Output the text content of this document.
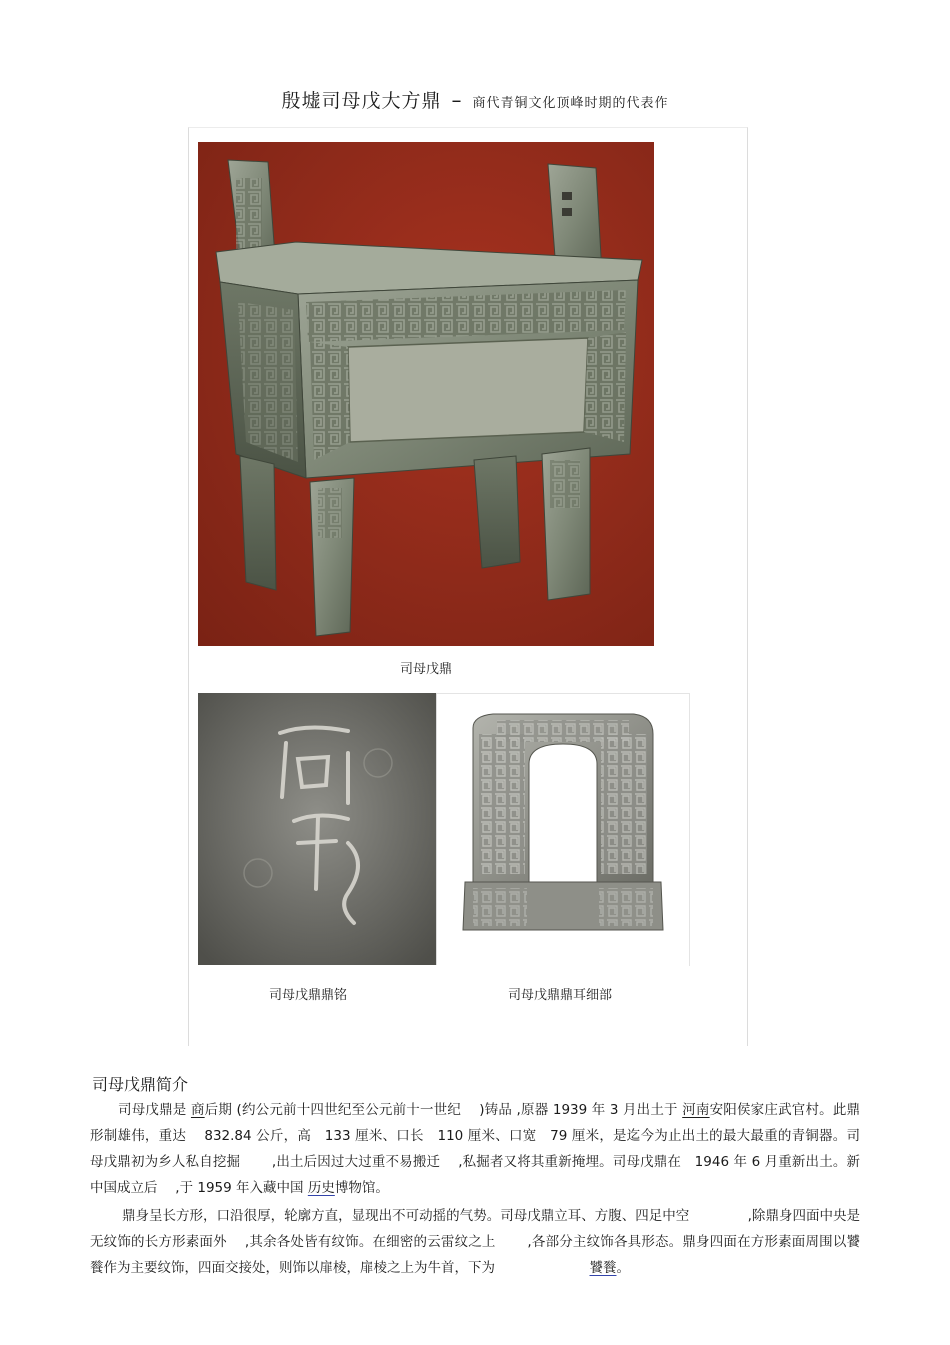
殷墟司母戊大方鼎 – 商代青铜文化顶峰时期的代表作
司母戊鼎
司母戊鼎鼎铭	司母戊鼎鼎耳细部
司母戊鼎简介
司母戊鼎是 商后期 (约公元前十四世纪至公元前十一世纪　 )铸品 ,原器 1939 年 3 月出土于 河南安阳侯家庄武官村。此鼎形制雄伟，重达　 832.84 公斤，高　133 厘米、口长　110 厘米、口宽　79 厘米，是迄今为止出土的最大最重的青铜器。司母戊鼎初为乡人私自挖掘　　 ,出土后因过大过重不易搬迁　 ,私掘者又将其重新掩埋。司母戊鼎在　1946 年 6 月重新出土。新中国成立后　 ,于 1959 年入藏中国 历史博物馆。
鼎身呈长方形，口沿很厚，轮廓方直，显现出不可动摇的气势。司母戊鼎立耳、方腹、四足中空　　　　 ,除鼎身四面中央是无纹饰的长方形素面外　 ,其余各处皆有纹饰。在细密的云雷纹之上　　 ,各部分主纹饰各具形态。鼎身四面在方形素面周围以饕餮作为主要纹饰，四面交接处，则饰以扉棱，扉棱之上为牛首，下为　　　　　　　饕餮。
